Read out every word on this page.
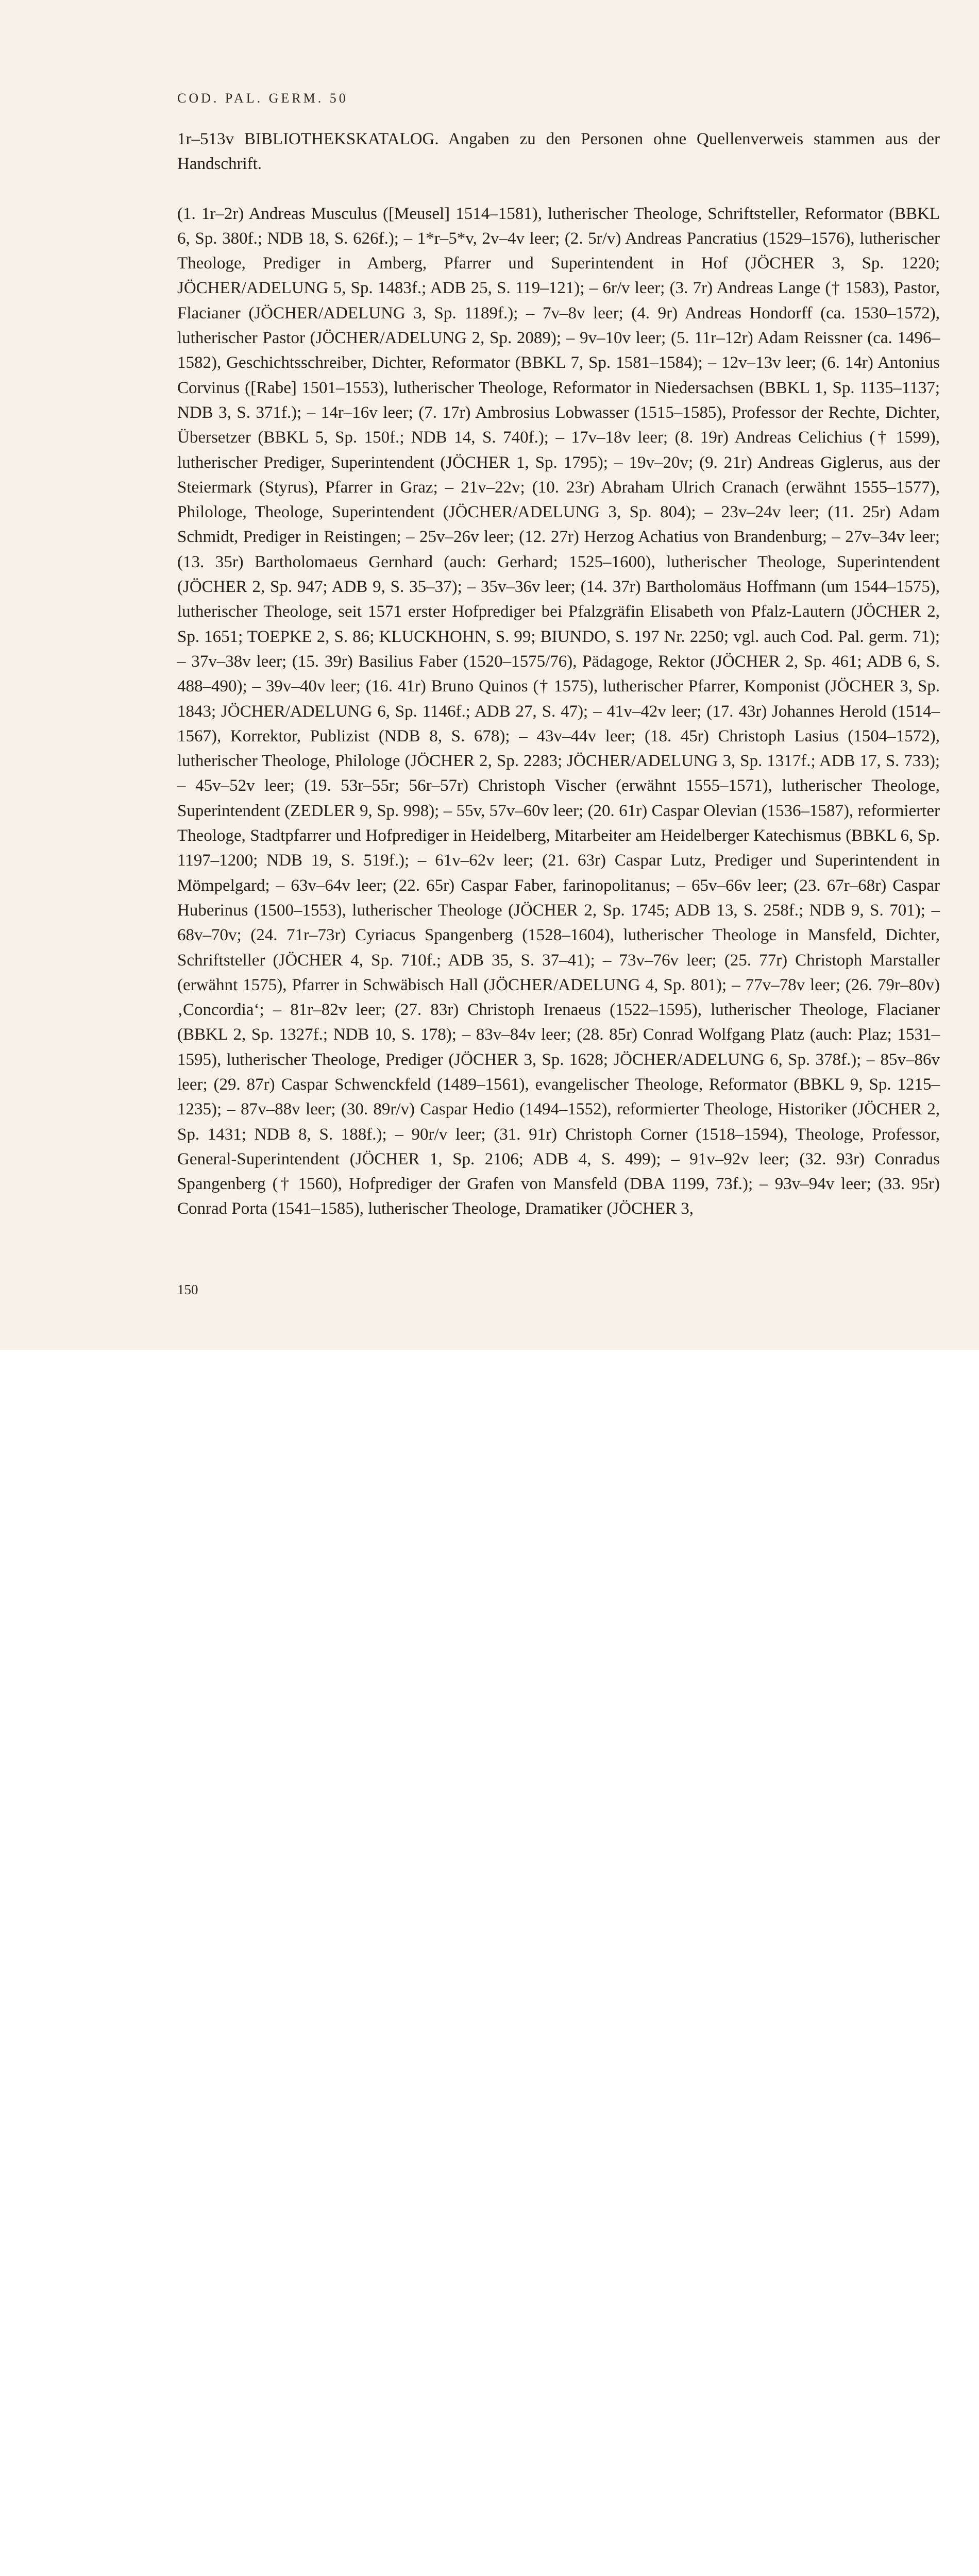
COD. PAL. GERM. 50

1r–513v BIBLIOTHEKSKATALOG. Angaben zu den Personen ohne Quellenverweis stammen aus der Handschrift.

(1. 1r–2r) Andreas Musculus ([Meusel] 1514–1581), lutherischer Theologe, Schriftsteller, Reformator (BBKL 6, Sp. 380f.; NDB 18, S. 626f.); – 1*r–5*v, 2v–4v leer; (2. 5r/v) Andreas Pancratius (1529–1576), lutherischer Theologe, Prediger in Amberg, Pfarrer und Superintendent in Hof (JÖCHER 3, Sp. 1220; JÖCHER/ADELUNG 5, Sp. 1483f.; ADB 25, S. 119–121); – 6r/v leer; (3. 7r) Andreas Lange († 1583), Pastor, Flacianer (JÖCHER/ADELUNG 3, Sp. 1189f.); – 7v–8v leer; (4. 9r) Andreas Hondorff (ca. 1530–1572), lutherischer Pastor (JÖCHER/ADELUNG 2, Sp. 2089); – 9v–10v leer; (5. 11r–12r) Adam Reissner (ca. 1496–1582), Geschichtsschreiber, Dichter, Reformator (BBKL 7, Sp. 1581–1584); – 12v–13v leer; (6. 14r) Antonius Corvinus ([Rabe] 1501–1553), lutherischer Theologe, Reformator in Niedersachsen (BBKL 1, Sp. 1135–1137; NDB 3, S. 371f.); – 14r–16v leer; (7. 17r) Ambrosius Lobwasser (1515–1585), Professor der Rechte, Dichter, Übersetzer (BBKL 5, Sp. 150f.; NDB 14, S. 740f.); – 17v–18v leer; (8. 19r) Andreas Celichius († 1599), lutherischer Prediger, Superintendent (JÖCHER 1, Sp. 1795); – 19v–20v; (9. 21r) Andreas Giglerus, aus der Steiermark (Styrus), Pfarrer in Graz; – 21v–22v; (10. 23r) Abraham Ulrich Cranach (erwähnt 1555–1577), Philologe, Theologe, Superintendent (JÖCHER/ADELUNG 3, Sp. 804); – 23v–24v leer; (11. 25r) Adam Schmidt, Prediger in Reistingen; – 25v–26v leer; (12. 27r) Herzog Achatius von Brandenburg; – 27v–34v leer; (13. 35r) Bartholomaeus Gernhard (auch: Gerhard; 1525–1600), lutherischer Theologe, Superintendent (JÖCHER 2, Sp. 947; ADB 9, S. 35–37); – 35v–36v leer; (14. 37r) Bartholomäus Hoffmann (um 1544–1575), lutherischer Theologe, seit 1571 erster Hofprediger bei Pfalzgräfin Elisabeth von Pfalz-Lautern (JÖCHER 2, Sp. 1651; TOEPKE 2, S. 86; KLUCKHOHN, S. 99; BIUNDO, S. 197 Nr. 2250; vgl. auch Cod. Pal. germ. 71); – 37v–38v leer; (15. 39r) Basilius Faber (1520–1575/76), Pädagoge, Rektor (JÖCHER 2, Sp. 461; ADB 6, S. 488–490); – 39v–40v leer; (16. 41r) Bruno Quinos († 1575), lutherischer Pfarrer, Komponist (JÖCHER 3, Sp. 1843; JÖCHER/ADELUNG 6, Sp. 1146f.; ADB 27, S. 47); – 41v–42v leer; (17. 43r) Johannes Herold (1514–1567), Korrektor, Publizist (NDB 8, S. 678); – 43v–44v leer; (18. 45r) Christoph Lasius (1504–1572), lutherischer Theologe, Philologe (JÖCHER 2, Sp. 2283; JÖCHER/ADELUNG 3, Sp. 1317f.; ADB 17, S. 733); – 45v–52v leer; (19. 53r–55r; 56r–57r) Christoph Vischer (erwähnt 1555–1571), lutherischer Theologe, Superintendent (ZEDLER 9, Sp. 998); – 55v, 57v–60v leer; (20. 61r) Caspar Olevian (1536–1587), reformierter Theologe, Stadtpfarrer und Hofprediger in Heidelberg, Mitarbeiter am Heidelberger Katechismus (BBKL 6, Sp. 1197–1200; NDB 19, S. 519f.); – 61v–62v leer; (21. 63r) Caspar Lutz, Prediger und Superintendent in Mömpelgard; – 63v–64v leer; (22. 65r) Caspar Faber, farinopolitanus; – 65v–66v leer; (23. 67r–68r) Caspar Huberinus (1500–1553), lutherischer Theologe (JÖCHER 2, Sp. 1745; ADB 13, S. 258f.; NDB 9, S. 701); – 68v–70v; (24. 71r–73r) Cyriacus Spangenberg (1528–1604), lutherischer Theologe in Mansfeld, Dichter, Schriftsteller (JÖCHER 4, Sp. 710f.; ADB 35, S. 37–41); – 73v–76v leer; (25. 77r) Christoph Marstaller (erwähnt 1575), Pfarrer in Schwäbisch Hall (JÖCHER/ADELUNG 4, Sp. 801); – 77v–78v leer; (26. 79r–80v) ‚Concordia‘; – 81r–82v leer; (27. 83r) Christoph Irenaeus (1522–1595), lutherischer Theologe, Flacianer (BBKL 2, Sp. 1327f.; NDB 10, S. 178); – 83v–84v leer; (28. 85r) Conrad Wolfgang Platz (auch: Plaz; 1531–1595), lutherischer Theologe, Prediger (JÖCHER 3, Sp. 1628; JÖCHER/ADELUNG 6, Sp. 378f.); – 85v–86v leer; (29. 87r) Caspar Schwenckfeld (1489–1561), evangelischer Theologe, Reformator (BBKL 9, Sp. 1215–1235); – 87v–88v leer; (30. 89r/v) Caspar Hedio (1494–1552), reformierter Theologe, Historiker (JÖCHER 2, Sp. 1431; NDB 8, S. 188f.); – 90r/v leer; (31. 91r) Christoph Corner (1518–1594), Theologe, Professor, General-Superintendent (JÖCHER 1, Sp. 2106; ADB 4, S. 499); – 91v–92v leer; (32. 93r) Conradus Spangenberg († 1560), Hofprediger der Grafen von Mansfeld (DBA 1199, 73f.); – 93v–94v leer; (33. 95r) Conrad Porta (1541–1585), lutherischer Theologe, Dramatiker (JÖCHER 3,

150
